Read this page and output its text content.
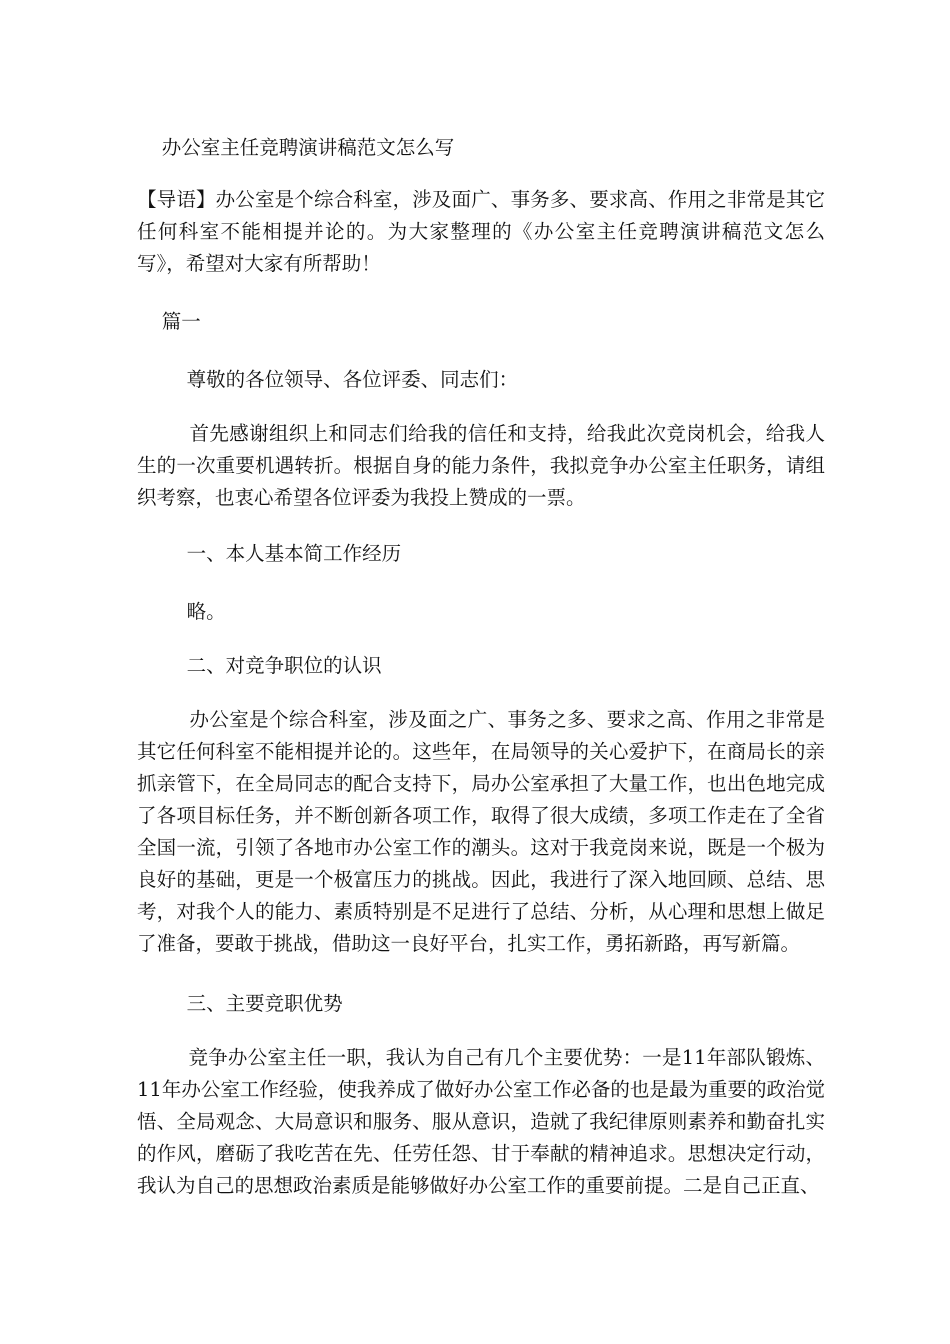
办公室主任竞聘演讲稿范文怎么写

【导语】办公室是个综合科室，涉及面广、事务多、要求高、作用之非常是其它任何科室不能相提并论的。为大家整理的《办公室主任竞聘演讲稿范文怎么写》，希望对大家有所帮助！

篇一

尊敬的各位领导、各位评委、同志们：

首先感谢组织上和同志们给我的信任和支持，给我此次竞岗机会，给我人生的一次重要机遇转折。根据自身的能力条件，我拟竞争办公室主任职务，请组织考察，也衷心希望各位评委为我投上赞成的一票。

一、本人基本简工作经历

略。

二、对竞争职位的认识

办公室是个综合科室，涉及面之广、事务之多、要求之高、作用之非常是其它任何科室不能相提并论的。这些年，在局领导的关心爱护下，在商局长的亲抓亲管下，在全局同志的配合支持下，局办公室承担了大量工作，也出色地完成了各项目标任务，并不断创新各项工作，取得了很大成绩，多项工作走在了全省全国一流，引领了各地市办公室工作的潮头。这对于我竞岗来说，既是一个极为良好的基础，更是一个极富压力的挑战。因此，我进行了深入地回顾、总结、思考，对我个人的能力、素质特别是不足进行了总结、分析，从心理和思想上做足了准备，要敢于挑战，借助这一良好平台，扎实工作，勇拓新路，再写新篇。

三、主要竞职优势

竞争办公室主任一职，我认为自己有几个主要优势：一是11年部队锻炼、11年办公室工作经验，使我养成了做好办公室工作必备的也是最为重要的政治觉悟、全局观念、大局意识和服务、服从意识，造就了我纪律原则素养和勤奋扎实的作风，磨砺了我吃苦在先、任劳任怨、甘于奉献的精神追求。思想决定行动，我认为自己的思想政治素质是能够做好办公室工作的重要前提。二是自己正直、
